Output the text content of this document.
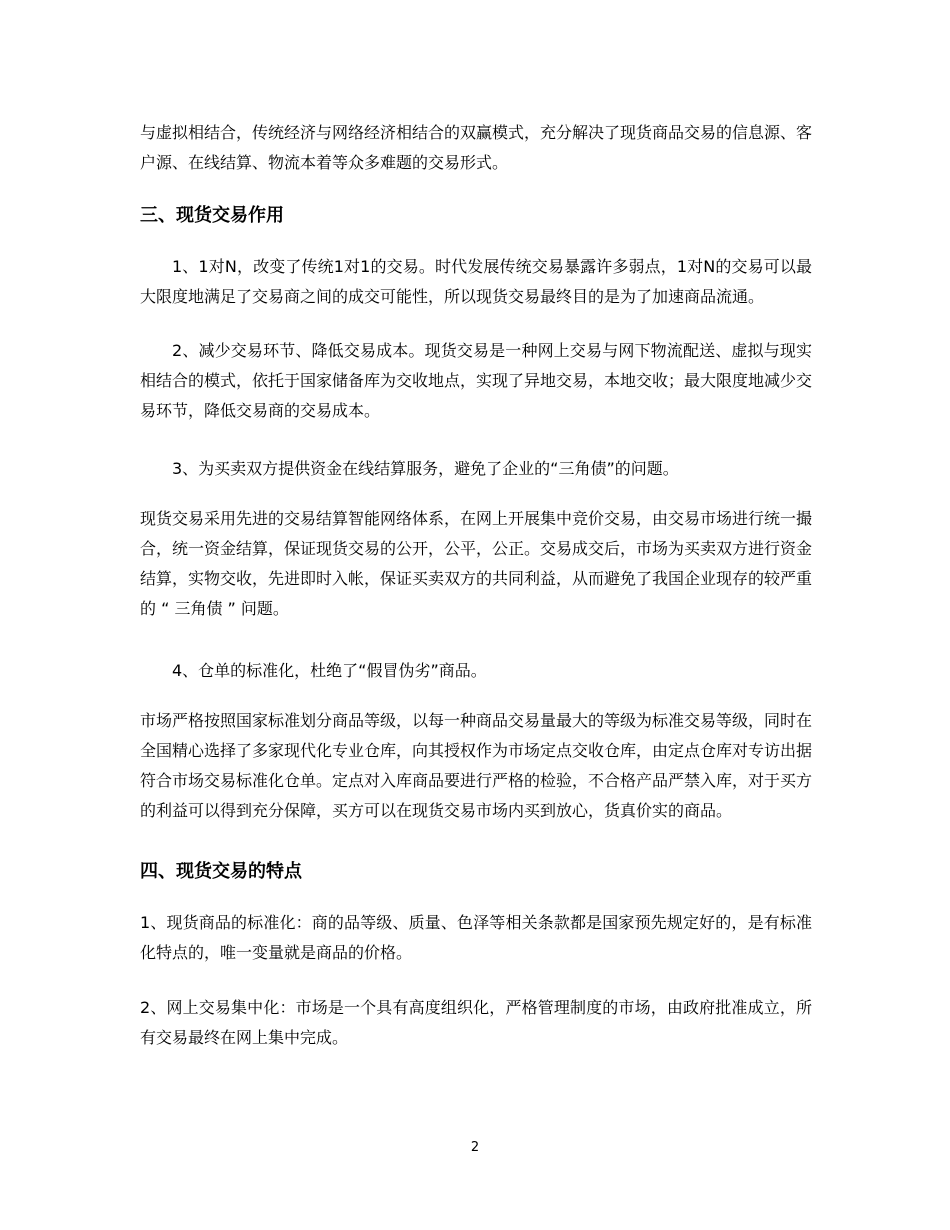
与虚拟相结合，传统经济与网络经济相结合的双赢模式，充分解决了现货商品交易的信息源、客户源、在线结算、物流本着等众多难题的交易形式。

三、现货交易作用

1、1对N，改变了传统1对1的交易。时代发展传统交易暴露许多弱点，1对N的交易可以最大限度地满足了交易商之间的成交可能性，所以现货交易最终目的是为了加速商品流通。

2、减少交易环节、降低交易成本。现货交易是一种网上交易与网下物流配送、虚拟与现实相结合的模式，依托于国家储备库为交收地点，实现了异地交易，本地交收；最大限度地减少交易环节，降低交易商的交易成本。

3、为买卖双方提供资金在线结算服务，避免了企业的“三角债”的问题。

现货交易采用先进的交易结算智能网络体系，在网上开展集中竞价交易，由交易市场进行统一撮合，统一资金结算，保证现货交易的公开，公平，公正。交易成交后，市场为买卖双方进行资金结算，实物交收，先进即时入帐，保证买卖双方的共同利益，从而避免了我国企业现存的较严重的 “ 三角债 ” 问题。

4、仓单的标准化，杜绝了“假冒伪劣”商品。

市场严格按照国家标准划分商品等级，以每一种商品交易量最大的等级为标准交易等级，同时在全国精心选择了多家现代化专业仓库，向其授权作为市场定点交收仓库，由定点仓库对专访出据符合市场交易标准化仓单。定点对入库商品要进行严格的检验，不合格产品严禁入库，对于买方的利益可以得到充分保障，买方可以在现货交易市场内买到放心，货真价实的商品。

四、现货交易的特点

1、现货商品的标准化：商的品等级、质量、色泽等相关条款都是国家预先规定好的，是有标准化特点的，唯一变量就是商品的价格。

2、网上交易集中化：市场是一个具有高度组织化，严格管理制度的市场，由政府批准成立，所有交易最终在网上集中完成。

2
